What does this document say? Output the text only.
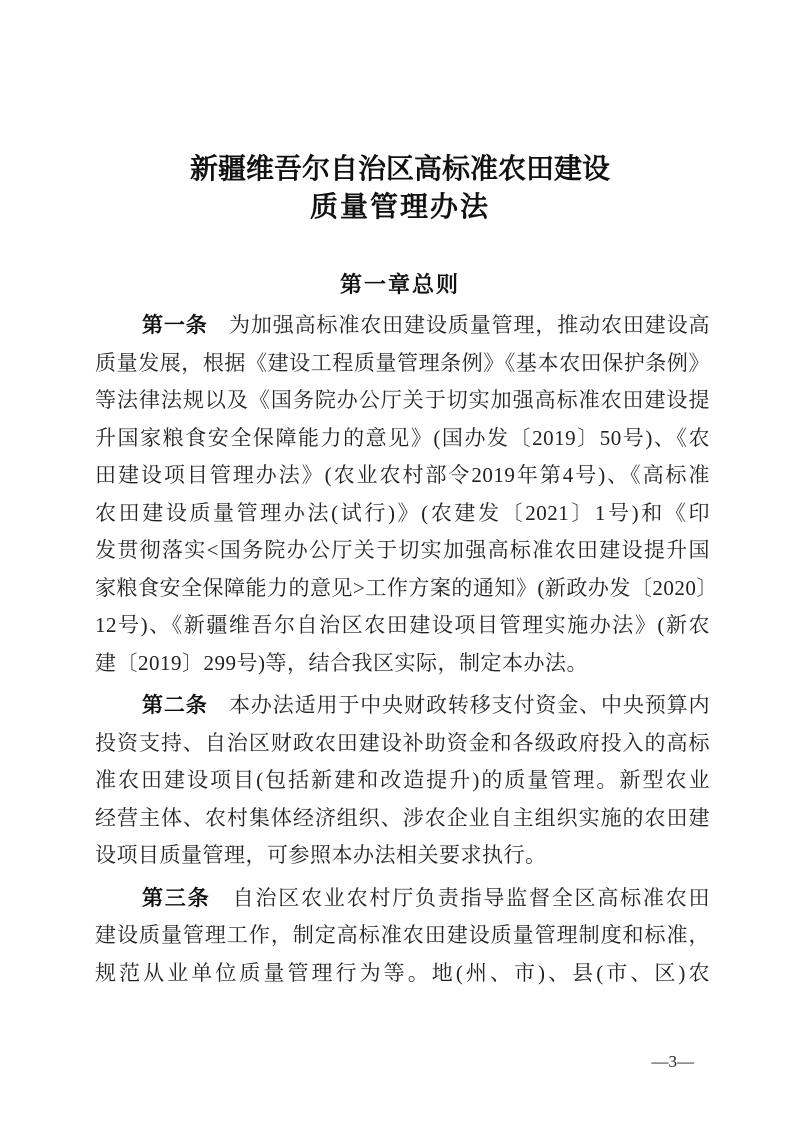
新疆维吾尔自治区高标准农田建设
质量管理办法
第一章总则
第一条 为加强高标准农田建设质量管理，推动农田建设高
质量发展，根据《建设工程质量管理条例》《基本农田保护条例》
等法律法规以及《国务院办公厅关于切实加强高标准农田建设提
升国家粮食安全保障能力的意见》(国办发〔2019〕50号)、《农
田建设项目管理办法》(农业农村部令2019年第4号)、《高标准
农田建设质量管理办法(试行)》(农建发〔2021〕1号)和《印
发贯彻落实<国务院办公厅关于切实加强高标准农田建设提升国
家粮食安全保障能力的意见>工作方案的通知》(新政办发〔2020〕
12号)、《新疆维吾尔自治区农田建设项目管理实施办法》(新农
建〔2019〕299号)等，结合我区实际，制定本办法。
第二条 本办法适用于中央财政转移支付资金、中央预算内
投资支持、自治区财政农田建设补助资金和各级政府投入的高标
准农田建设项目(包括新建和改造提升)的质量管理。新型农业
经营主体、农村集体经济组织、涉农企业自主组织实施的农田建
设项目质量管理，可参照本办法相关要求执行。
第三条 自治区农业农村厅负责指导监督全区高标准农田
建设质量管理工作，制定高标准农田建设质量管理制度和标准，
规范从业单位质量管理行为等。地(州、市)、县(市、区)农
—3—
